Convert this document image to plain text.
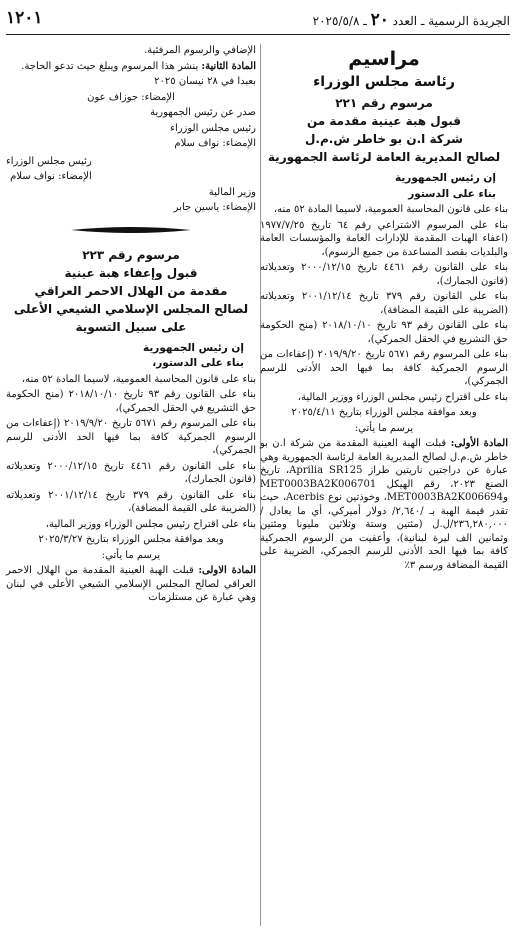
الجريدة الرسمية ـ العدد ٢٠ ـ ٢٠٢٥/٥/٨
١٢٠١
مراسيم
رئاسة مجلس الوزراء
مرسوم رقم ٢٢١
قبول هبة عينية مقدمة من
شركة ا.ن بو خاطر ش.م.ل
لصالح المديرية العامة لرئاسة الجمهورية

إن رئيس الجمهورية

بناء على الدستور

بناء على قانون المحاسبة العمومية، لاسيما المادة ٥٢ منه،

بناء على المرسوم الاشتراعي رقم ٦٤ تاريخ ١٩٧٧/٧/٢٥ (اعفاء الهبات المقدمة للإدارات العامة والمؤسسات العامة والبلديات بقصد المساعدة من جميع الرسوم)،

بناء على القانون رقم ٤٤٦١ تاريخ ٢٠٠٠/١٢/١٥ وتعديلاته (قانون الجمارك)،

بناء على القانون رقم ٣٧٩ تاريخ ٢٠٠١/١٢/١٤ وتعديلاته (الضريبة على القيمة المضافة)،

بناء على القانون رقم ٩٣ تاريخ ٢٠١٨/١٠/١٠ (منح الحكومة حق التشريع في الحقل الجمركي)،

بناء على المرسوم رقم ٥٦٧١ تاريخ ٢٠١٩/٩/٢٠ (إعفاءات من الرسوم الجمركية كافة بما فيها الحد الأدنى للرسم الجمركي)،

بناء على اقتراح رئيس مجلس الوزراء ووزير المالية،

وبعد موافقة مجلس الوزراء بتاريخ ٢٠٢٥/٤/١١

يرسم ما يأتي:

المادة الأولى: قبلت الهبة العينية المقدمة من شركة ا.ن بو خاطر ش.م.ل لصالح المديرية العامة لرئاسة الجمهورية وهي عبارة عن دراجتين ناريتين طراز Aprilia SR125، تاريخ الصنع ٢٠٢٣، رقم الهيكل MET0003BA2K006701 وMET0003BA2K006694، وخوذتين نوع Acerbis، حيث تقدر قيمة الهبة بـ /٢,٦٤٠/ دولار أميركي، أي ما يعادل /٢٣٦,٢٨٠,٠٠٠/ل.ل (مئتين وستة وثلاثين مليونا ومئتين وثمانين الف ليرة لبنانية)، وأعفيت من الرسوم الجمركية كافة بما فيها الحد الأدنى للرسم الجمركي، الضريبة على القيمة المضافة ورسم ٣٪

الإضافي والرسوم المرفئية.

المادة الثانية: ينشر هذا المرسوم ويبلغ حيث تدعو الحاجة.

بعبدا في ٢٨ نيسان ٢٠٢٥

الإمضاء: جوزاف عون

صدر عن رئيس الجمهورية

رئيس مجلس الوزراء

الإمضاء: نواف سلام

رئيس مجلس الوزراء

الإمضاء: نواف سلام

وزير المالية

الإمضاء: ياسين جابر

مرسوم رقم ٢٢٣
قبول وإعفاء هبة عينية
مقدمة من الهلال الاحمر العراقي
لصالح المجلس الإسلامي الشيعي الأعلى
على سبيل التسوية

إن رئيس الجمهورية

بناء على الدستور،

بناء على قانون المحاسبة العمومية، لاسيما المادة ٥٢ منه،

بناء على القانون رقم ٩٣ تاريخ ٢٠١٨/١٠/١٠ (منح الحكومة حق التشريع في الحقل الجمركي)،

بناء على المرسوم رقم ٥٦٧١ تاريخ ٢٠١٩/٩/٢٠ (إعفاءات من الرسوم الجمركية كافة بما فيها الحد الأدنى للرسم الجمركي)،

بناء على القانون رقم ٤٤٦١ تاريخ ٢٠٠٠/١٢/١٥ وتعديلاته (قانون الجمارك)،

بناء على القانون رقم ٣٧٩ تاريخ ٢٠٠١/١٢/١٤ وتعديلاته (الضريبة على القيمة المضافة)،

بناء على اقتراح رئيس مجلس الوزراء ووزير المالية،

وبعد موافقة مجلس الوزراء بتاريخ ٢٠٢٥/٣/٢٧

يرسم ما يأتي:

المادة الاولى: قبلت الهبة العينية المقدمة من الهلال الاحمر العراقي لصالح المجلس الإسلامي الشيعي الأعلى في لبنان وهي عبارة عن مستلزمات
